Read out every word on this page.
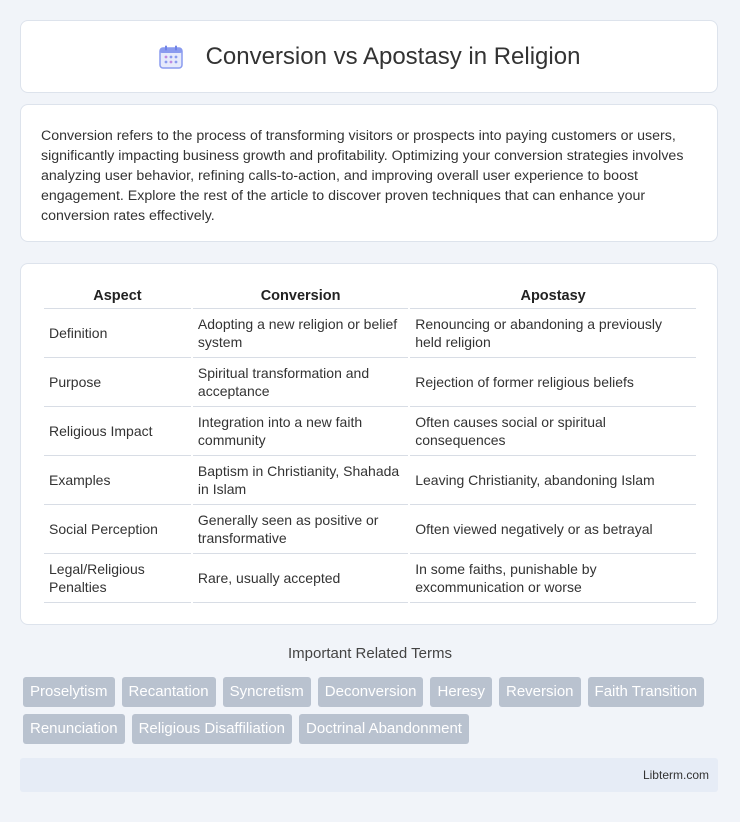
Conversion vs Apostasy in Religion

Conversion refers to the process of transforming visitors or prospects into paying customers or users, significantly impacting business growth and profitability. Optimizing your conversion strategies involves analyzing user behavior, refining calls-to-action, and improving overall user experience to boost engagement. Explore the rest of the article to discover proven techniques that can enhance your conversion rates effectively.

Aspect	Conversion	Apostasy
Definition	Adopting a new religion or belief system	Renouncing or abandoning a previously held religion
Purpose	Spiritual transformation and acceptance	Rejection of former religious beliefs
Religious Impact	Integration into a new faith community	Often causes social or spiritual consequences
Examples	Baptism in Christianity, Shahada in Islam	Leaving Christianity, abandoning Islam
Social Perception	Generally seen as positive or transformative	Often viewed negatively or as betrayal
Legal/Religious Penalties	Rare, usually accepted	In some faiths, punishable by excommunication or worse
Important Related Terms
Proselytism	Recantation	Syncretism	Deconversion	Heresy	Reversion	Faith Transition
Renunciation	Religious Disaffiliation	Doctrinal Abandonment
Libterm.com
